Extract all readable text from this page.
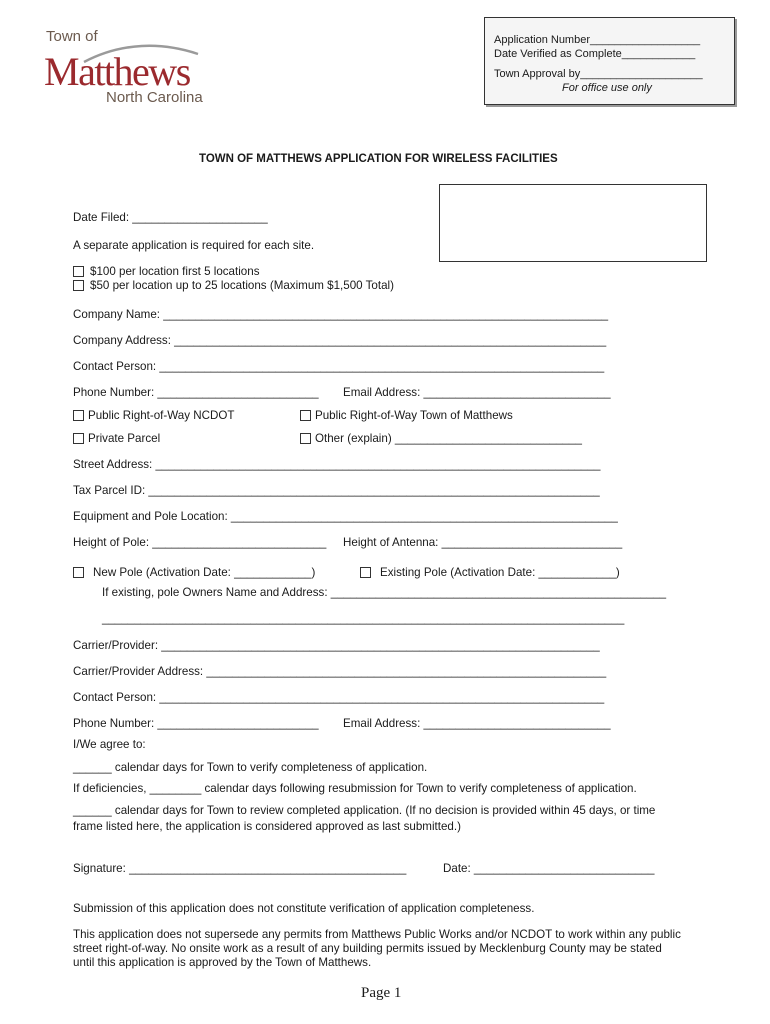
Town of
Matthews
North Carolina
Application Number__________________
Date Verified as Complete____________
Town Approval by____________________
For office use only
TOWN OF MATTHEWS APPLICATION FOR WIRELESS FACILITIES
Date Filed: _____________________
A separate application is required for each site.
$100 per location first 5 locations
$50 per location up to 25 locations (Maximum $1,500 Total)
Company Name: _____________________________________________________________________
Company Address: ___________________________________________________________________
Contact Person: _____________________________________________________________________
Phone Number: _________________________ Email Address: _____________________________
Public Right-of-Way NCDOT	Public Right-of-Way Town of Matthews
Private Parcel	Other (explain) _____________________________
Street Address: _____________________________________________________________________
Tax Parcel ID: ______________________________________________________________________
Equipment and Pole Location: ____________________________________________________________
Height of Pole: ___________________________ Height of Antenna: ____________________________
New Pole (Activation Date: ____________)	Existing Pole (Activation Date: ____________)
If existing, pole Owners Name and Address: ____________________________________________________
_________________________________________________________________________________
Carrier/Provider: ____________________________________________________________________
Carrier/Provider Address: ______________________________________________________________
Contact Person: _____________________________________________________________________
Phone Number: _________________________ Email Address: _____________________________
I/We agree to:
______ calendar days for Town to verify completeness of application.
If deficiencies, ________ calendar days following resubmission for Town to verify completeness of application.
______ calendar days for Town to review completed application. (If no decision is provided within 45 days, or time
frame listed here, the application is considered approved as last submitted.)
Signature: ___________________________________________	Date: ____________________________
Submission of this application does not constitute verification of application completeness.
This application does not supersede any permits from Matthews Public Works and/or NCDOT to work within any public
street right-of-way. No onsite work as a result of any building permits issued by Mecklenburg County may be stated
until this application is approved by the Town of Matthews.
Page 1
